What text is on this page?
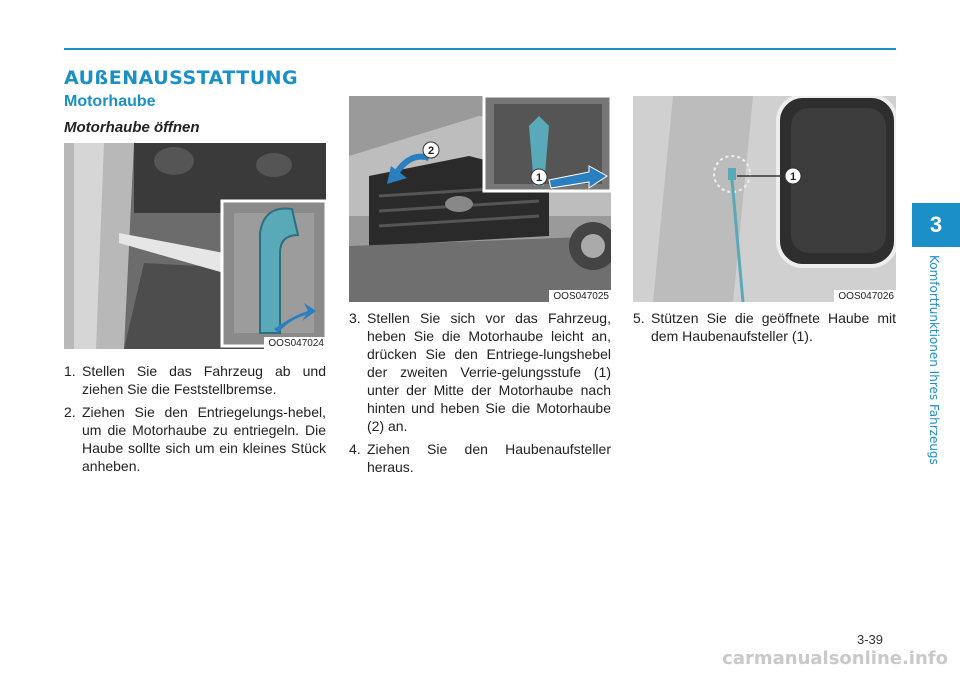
AUßENAUSSTATTUNG
Motorhaube
Motorhaube öffnen
OOS047024
2
1
OOS047025
1
OOS047026
1. Stellen Sie das Fahrzeug ab und ziehen Sie die Feststellbremse.
2. Ziehen Sie den Entriegelungs-hebel, um die Motorhaube zu entriegeln. Die Haube sollte sich um ein kleines Stück anheben.
3. Stellen Sie sich vor das Fahrzeug, heben Sie die Motorhaube leicht an, drücken Sie den Entriege-lungshebel der zweiten Verrie-gelungsstufe (1) unter der Mitte der Motorhaube nach hinten und heben Sie die Motorhaube (2) an.
4. Ziehen Sie den Haubenaufsteller heraus.
5. Stützen Sie die geöffnete Haube mit dem Haubenaufsteller (1).
3
Komfortfunktionen Ihres Fahrzeugs
3-39
carmanualsonline.info
